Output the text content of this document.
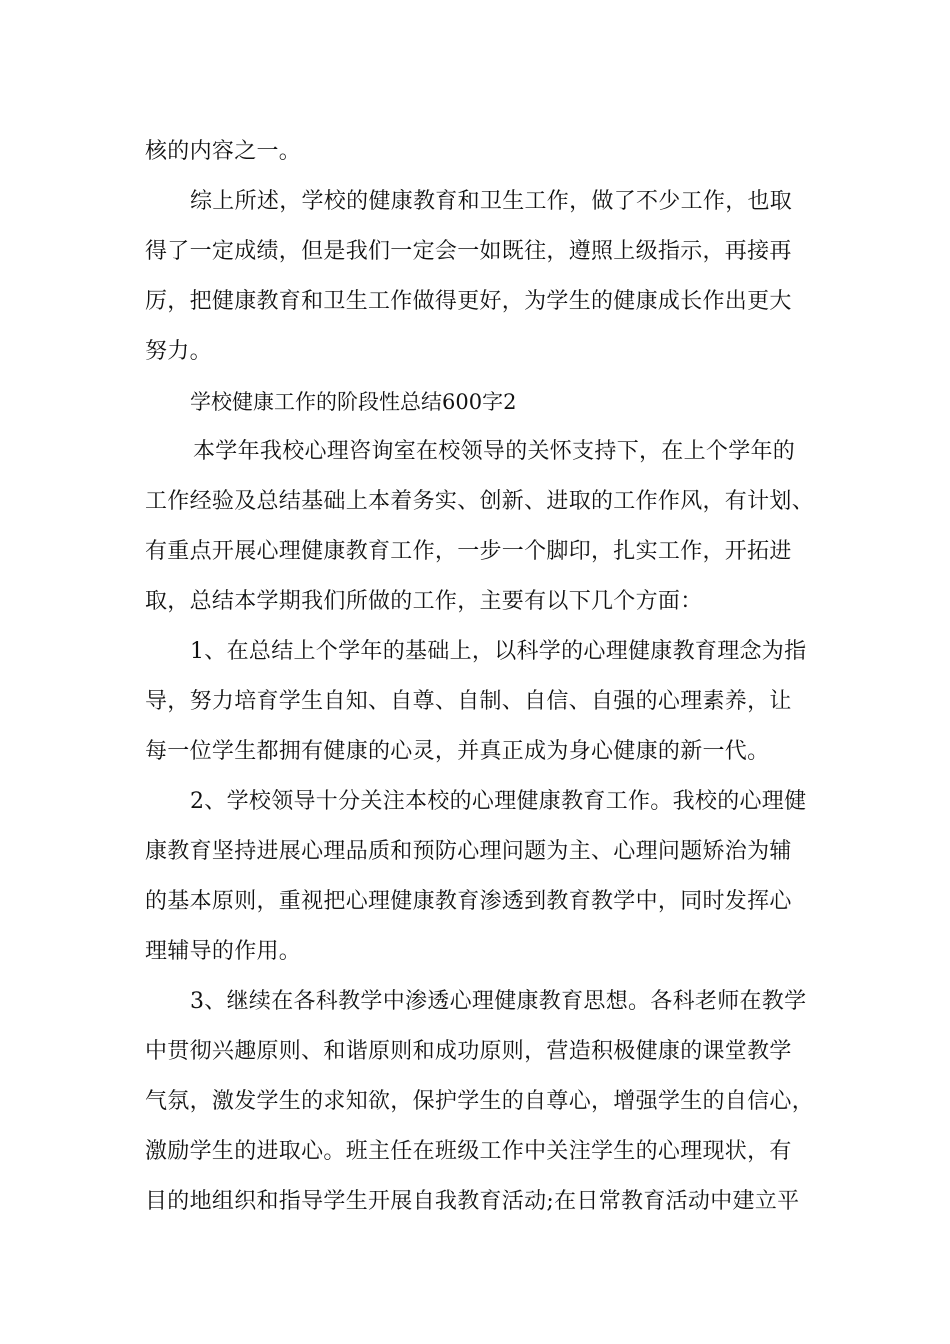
核的内容之一。
综上所述，学校的健康教育和卫生工作，做了不少工作，也取
得了一定成绩，但是我们一定会一如既往，遵照上级指示，再接再
厉，把健康教育和卫生工作做得更好，为学生的健康成长作出更大
努力。
学校健康工作的阶段性总结600字2
本学年我校心理咨询室在校领导的关怀支持下，在上个学年的
工作经验及总结基础上本着务实、创新、进取的工作作风，有计划、
有重点开展心理健康教育工作，一步一个脚印，扎实工作，开拓进
取，总结本学期我们所做的工作，主要有以下几个方面：
1、在总结上个学年的基础上，以科学的心理健康教育理念为指
导，努力培育学生自知、自尊、自制、自信、自强的心理素养，让
每一位学生都拥有健康的心灵，并真正成为身心健康的新一代。
2、学校领导十分关注本校的心理健康教育工作。我校的心理健
康教育坚持进展心理品质和预防心理问题为主、心理问题矫治为辅
的基本原则，重视把心理健康教育渗透到教育教学中，同时发挥心
理辅导的作用。
3、继续在各科教学中渗透心理健康教育思想。各科老师在教学
中贯彻兴趣原则、和谐原则和成功原则，营造积极健康的课堂教学
气氛，激发学生的求知欲，保护学生的自尊心，增强学生的自信心，
激励学生的进取心。班主任在班级工作中关注学生的心理现状，有
目的地组织和指导学生开展自我教育活动;在日常教育活动中建立平
